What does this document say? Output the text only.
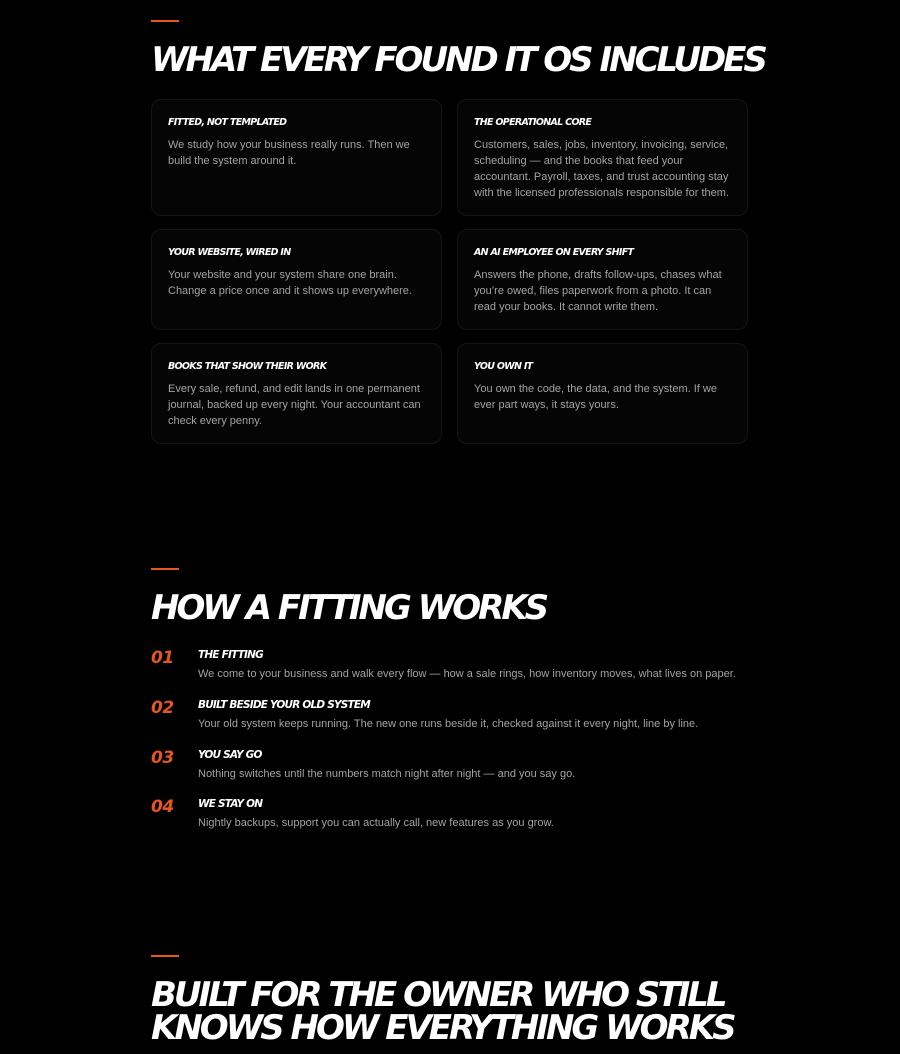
WHAT EVERY FOUND IT OS INCLUDES
FITTED, NOT TEMPLATED

We study how your business really runs. Then we build the system around it.

THE OPERATIONAL CORE

Customers, sales, jobs, inventory, invoicing, service, scheduling — and the books that feed your accountant. Payroll, taxes, and trust accounting stay with the licensed professionals responsible for them.

YOUR WEBSITE, WIRED IN

Your website and your system share one brain. Change a price once and it shows up everywhere.

AN AI EMPLOYEE ON EVERY SHIFT

Answers the phone, drafts follow-ups, chases what you’re owed, files paperwork from a photo. It can read your books. It cannot write them.

BOOKS THAT SHOW THEIR WORK

Every sale, refund, and edit lands in one permanent journal, backed up every night. Your accountant can check every penny.

YOU OWN IT

You own the code, the data, and the system. If we ever part ways, it stays yours.

HOW A FITTING WORKS
01 THE FITTING
We come to your business and walk every flow — how a sale rings, how inventory moves, what lives on paper.
02 BUILT BESIDE YOUR OLD SYSTEM
Your old system keeps running. The new one runs beside it, checked against it every night, line by line.
03 YOU SAY GO
Nothing switches until the numbers match night after night — and you say go.
04 WE STAY ON
Nightly backups, support you can actually call, new features as you grow.
BUILT FOR THE OWNER WHO STILL
KNOWS HOW EVERYTHING WORKS
